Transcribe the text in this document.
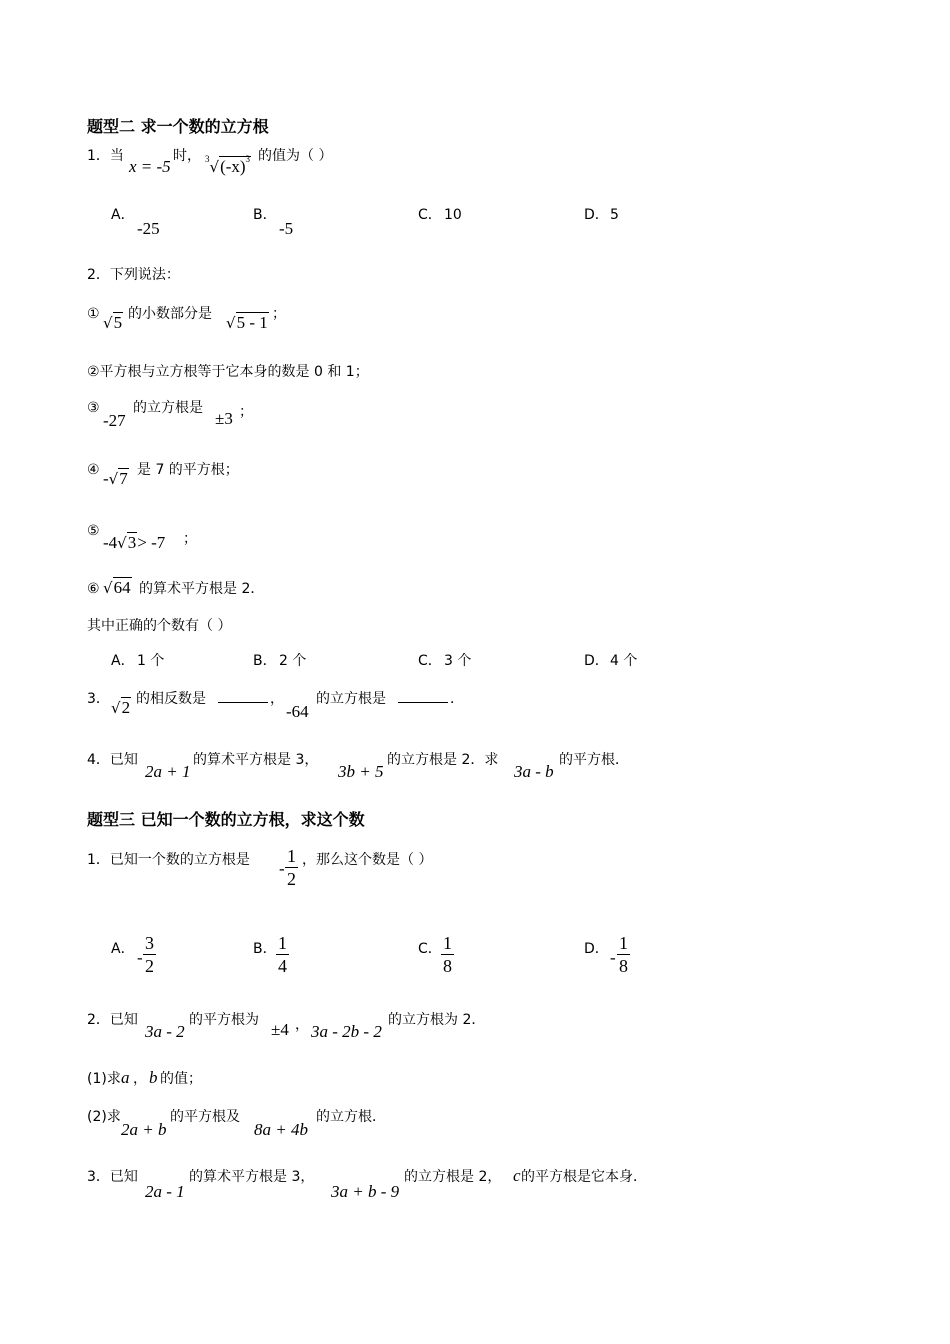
题型二 求一个数的立方根
1．当
x = -5
时， $^3√(-x)^3$ 的值为（ ）
A．
-25
B．
-5
C． 10	D． 5
2．下列说法：
① √5 的小数部分是 √5 - 1 ；
②平方根与立方根等于它本身的数是 0 和 1；
③
-27
的立方根是
±3 ；
④ -√7 是 7 的平方根；
⑤
-4√3> -7 ；
⑥ √64 的算术平方根是 2．
其中正确的个数有（ ）
A． 1 个	B． 2 个	C． 3 个	D． 4 个
3． √2 的相反数是	，
-64
的立方根是	．
4．已知
2a + 1
的算术平方根是 3，
3b + 5
的立方根是 2．求
3a - b
的平方根．
题型三 已知一个数的立方根，求这个数
1．已知一个数的立方根是 - $\frac{1}{2}$ ，那么这个数是（ ）
A． - $\frac{3}{2}$	B． $\frac{1}{4}$	C． $\frac{1}{8}$	D． - $\frac{1}{8}$
2．已知
3a - 2
的平方根为 ±4 ， 3a - 2b - 2
的立方根为 2．
(1)求 a ， b 的值；
(2)求
2a + b
的平方根及
8a + 4b
的立方根．
3．已知
2a - 1
的算术平方根是 3，
3a + b - 9
的立方根是 2， c 的平方根是它本身．
